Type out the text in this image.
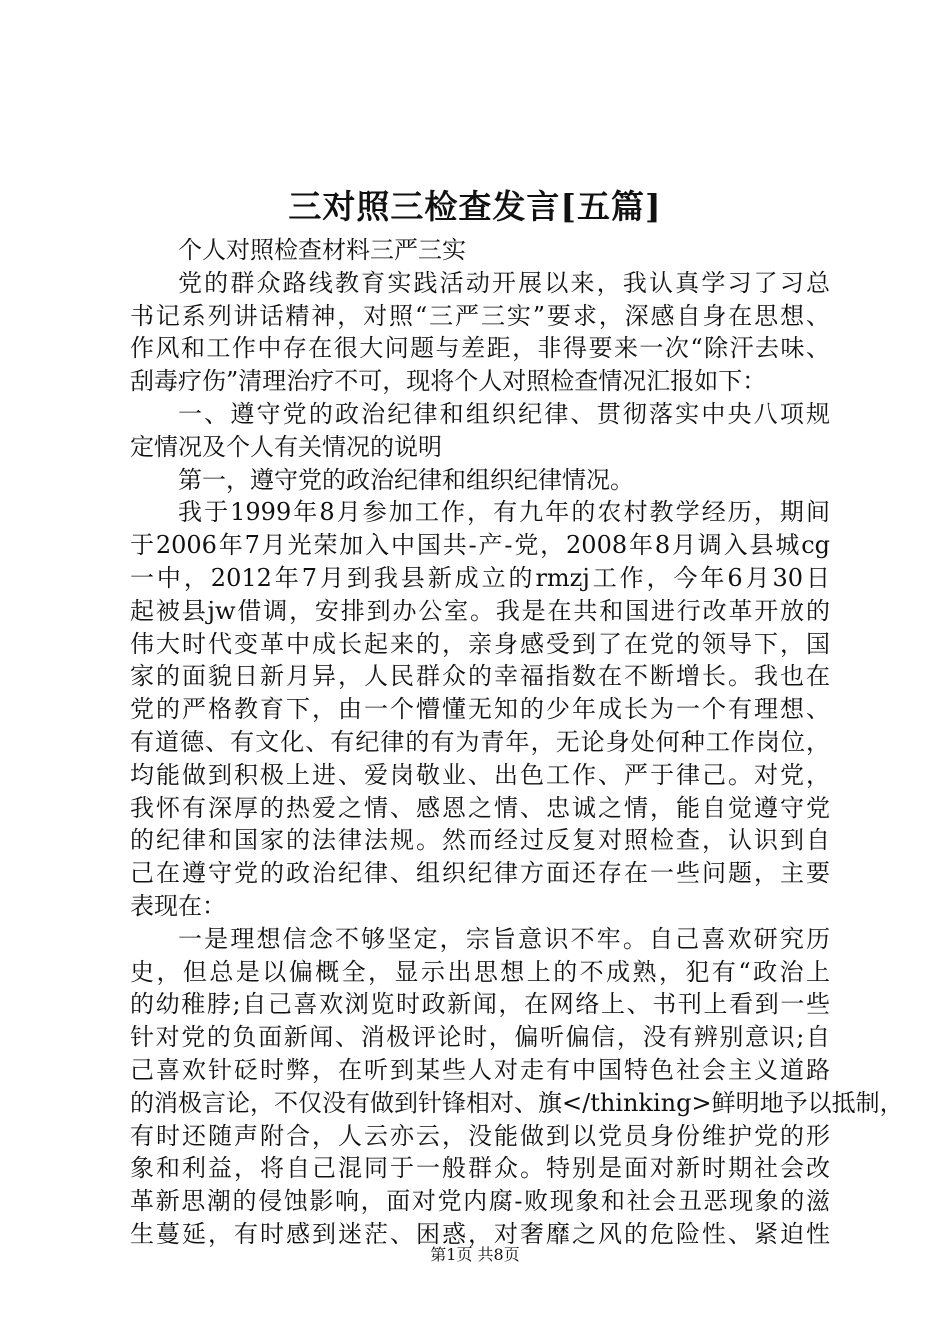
三对照三检查发言[五篇]
个人对照检查材料三严三实
党的群众路线教育实践活动开展以来，我认真学习了习总
书记系列讲话精神，对照“三严三实”要求，深感自身在思想、
作风和工作中存在很大问题与差距，非得要来一次“除汗去味、
刮毒疗伤”清理治疗不可，现将个人对照检查情况汇报如下：
一、遵守党的政治纪律和组织纪律、贯彻落实中央八项规
定情况及个人有关情况的说明
第一，遵守党的政治纪律和组织纪律情况。
我于1999年8月参加工作，有九年的农村教学经历，期间
于2006年7月光荣加入中国共-产-党，2008年8月调入县城cg
一中，2012年7月到我县新成立的rmzj工作，今年6月30日
起被县jw借调，安排到办公室。我是在共和国进行改革开放的
伟大时代变革中成长起来的，亲身感受到了在党的领导下，国
家的面貌日新月异，人民群众的幸福指数在不断增长。我也在
党的严格教育下，由一个懵懂无知的少年成长为一个有理想、
有道德、有文化、有纪律的有为青年，无论身处何种工作岗位，
均能做到积极上进、爱岗敬业、出色工作、严于律己。对党，
我怀有深厚的热爱之情、感恩之情、忠诚之情，能自觉遵守党
的纪律和国家的法律法规。然而经过反复对照检查，认识到自
己在遵守党的政治纪律、组织纪律方面还存在一些问题，主要
表现在：
一是理想信念不够坚定，宗旨意识不牢。自己喜欢研究历
史，但总是以偏概全，显示出思想上的不成熟，犯有“政治上
的幼稚脖;自己喜欢浏览时政新闻，在网络上、书刊上看到一些
针对党的负面新闻、消极评论时，偏听偏信，没有辨别意识;自
己喜欢针砭时弊，在听到某些人对走有中国特色社会主义道路
的消极言论，不仅没有做到针锋相对、旗</thinking>鲜明地予以抵制，
有时还随声附合，人云亦云，没能做到以党员身份维护党的形
象和利益，将自己混同于一般群众。特别是面对新时期社会改
革新思潮的侵蚀影响，面对党内腐-败现象和社会丑恶现象的滋
生蔓延，有时感到迷茫、困惑，对奢靡之风的危险性、紧迫性
第1页 共8页
